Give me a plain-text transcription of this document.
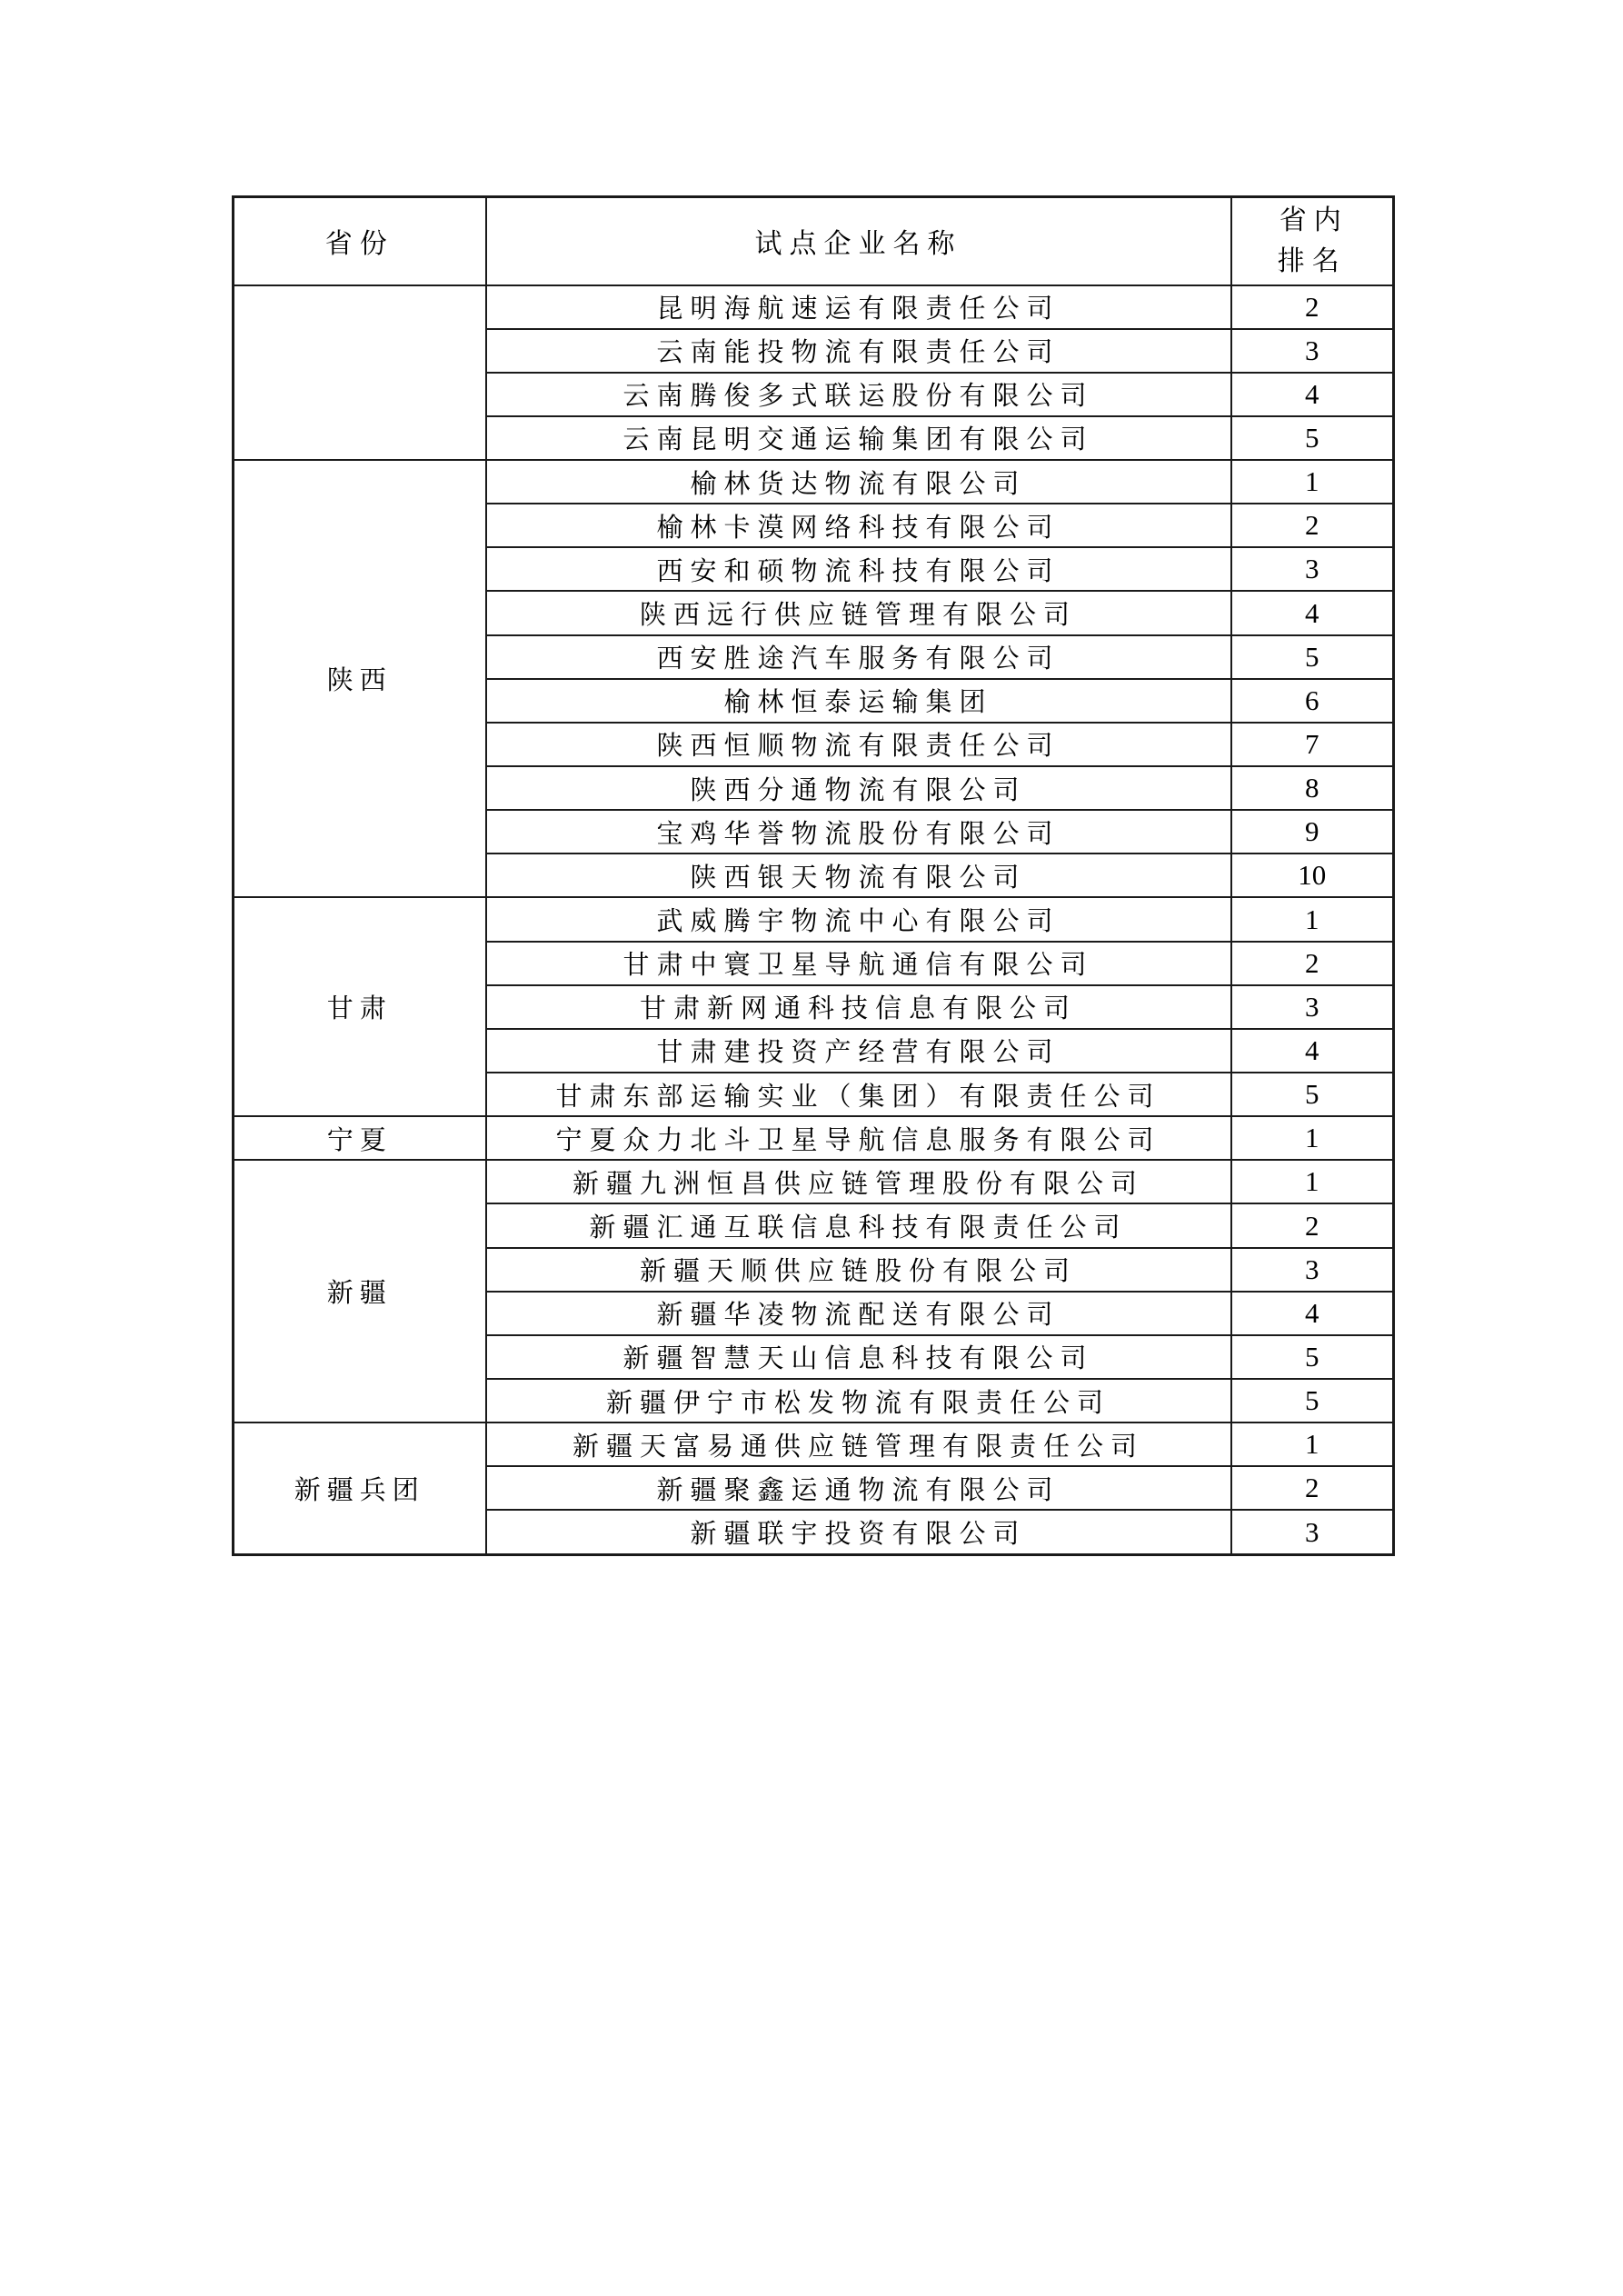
省份	试点企业名称	省内排名

	昆明海航速运有限责任公司	2
	云南能投物流有限责任公司	3
	云南腾俊多式联运股份有限公司	4
	云南昆明交通运输集团有限公司	5
陕西	榆林货达物流有限公司	1
	榆林卡漠网络科技有限公司	2
	西安和硕物流科技有限公司	3
	陕西远行供应链管理有限公司	4
	西安胜途汽车服务有限公司	5
	榆林恒泰运输集团	6
	陕西恒顺物流有限责任公司	7
	陕西分通物流有限公司	8
	宝鸡华誉物流股份有限公司	9
	陕西银天物流有限公司	10
甘肃	武威腾宇物流中心有限公司	1
	甘肃中寰卫星导航通信有限公司	2
	甘肃新网通科技信息有限公司	3
	甘肃建投资产经营有限公司	4
	甘肃东部运输实业（集团）有限责任公司	5
宁夏	宁夏众力北斗卫星导航信息服务有限公司	1
新疆	新疆九洲恒昌供应链管理股份有限公司	1
	新疆汇通互联信息科技有限责任公司	2
	新疆天顺供应链股份有限公司	3
	新疆华凌物流配送有限公司	4
	新疆智慧天山信息科技有限公司	5
	新疆伊宁市松发物流有限责任公司	5
新疆兵团	新疆天富易通供应链管理有限责任公司	1
	新疆聚鑫运通物流有限公司	2
	新疆联宇投资有限公司	3
